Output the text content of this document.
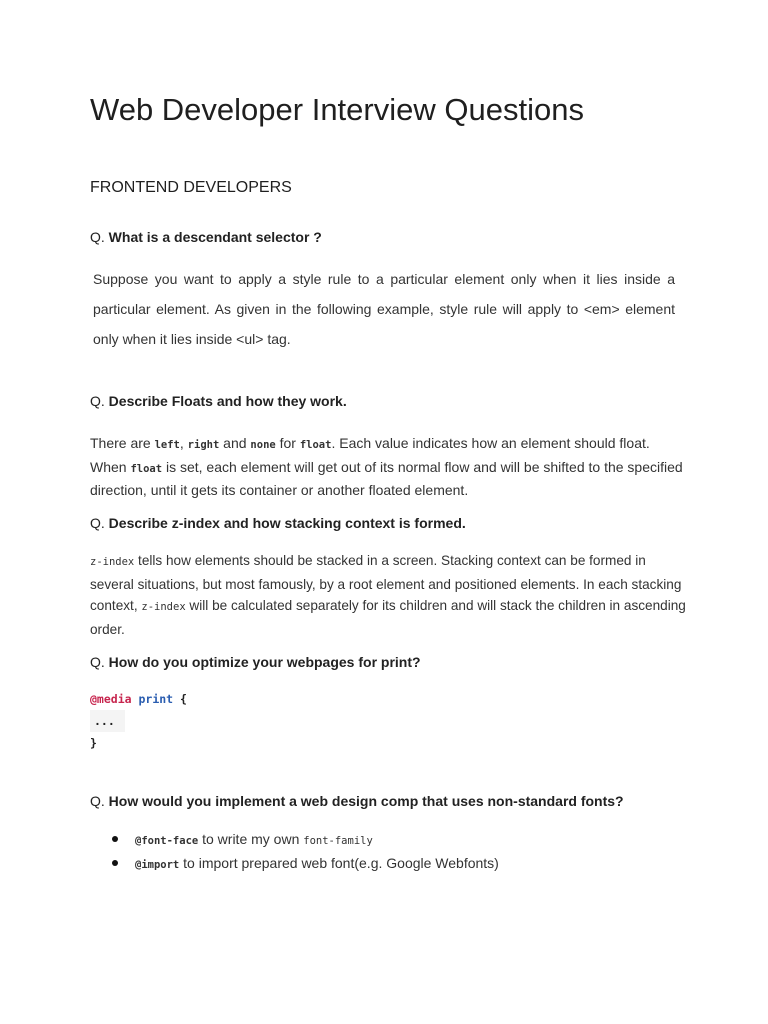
Web Developer Interview Questions
FRONTEND DEVELOPERS

Q. What is a descendant selector ?

Suppose you want to apply a style rule to a particular element only when it lies inside a particular element. As given in the following example, style rule will apply to <em> element only when it lies inside <ul> tag.

Q. Describe Floats and how they work.

There are left, right and none for float. Each value indicates how an element should float. When float is set, each element will get out of its normal flow and will be shifted to the specified direction, until it gets its container or another floated element.

Q. Describe z-index and how stacking context is formed.

z-index tells how elements should be stacked in a screen. Stacking context can be formed in several situations, but most famously, by a root element and positioned elements. In each stacking context, z-index will be calculated separately for its children and will stack the children in ascending order.

Q. How do you optimize your webpages for print?

@media print {
...
}

Q. How would you implement a web design comp that uses non-standard fonts?

@font-face to write my own font-family
@import to import prepared web font(e.g. Google Webfonts)
